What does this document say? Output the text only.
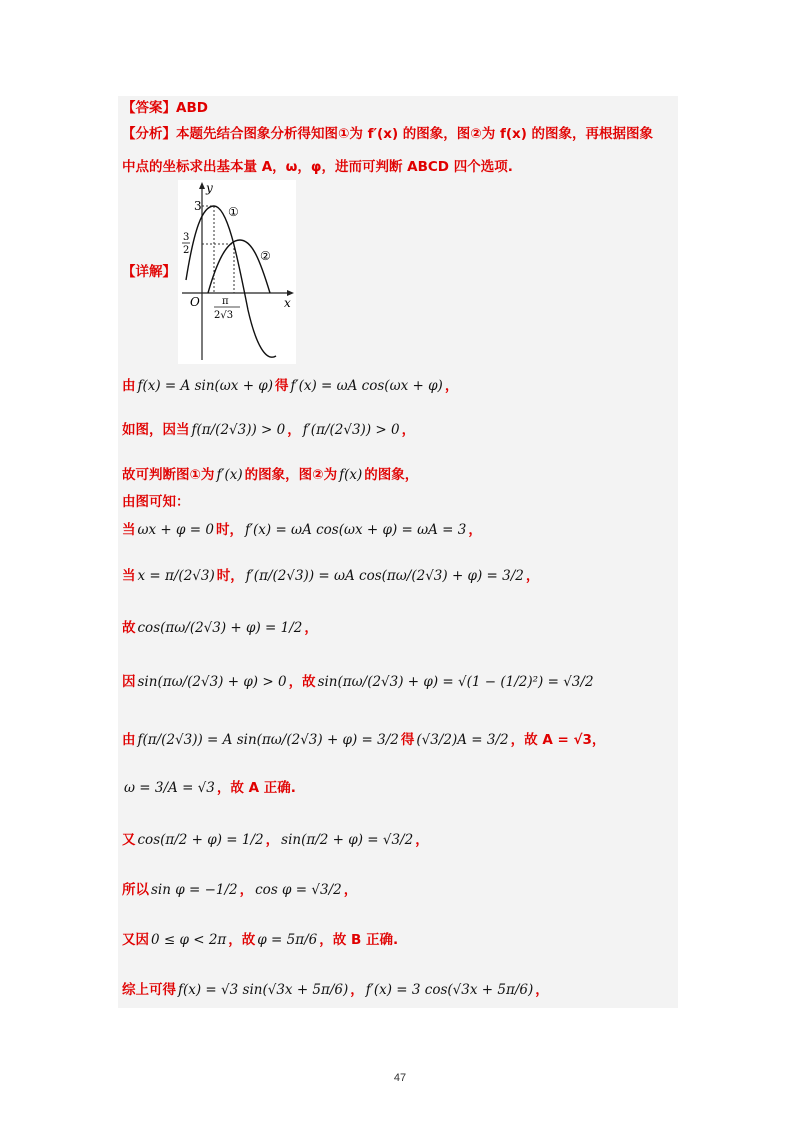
【答案】ABD
【分析】本题先结合图象分析得知图①为 f′(x) 的图象，图②为 f(x) 的图象，再根据图象
中点的坐标求出基本量 A，ω，φ，进而可判断 ABCD 四个选项.
y
x
O
3
3
2
π
2√3
①
②
【详解】
由 f(x) = A sin(ωx + φ) 得 f′(x) = ωA cos(ωx + φ) ，
如图，因当 f(π/(2√3)) > 0 ， f′(π/(2√3)) > 0 ，
故可判断图①为 f′(x) 的图象，图②为 f(x) 的图象，
由图可知：
当 ωx + φ = 0 时， f′(x) = ωA cos(ωx + φ) = ωA = 3 ，
当 x = π/(2√3) 时， f′(π/(2√3)) = ωA cos(πω/(2√3) + φ) = 3/2 ，
故 cos(πω/(2√3) + φ) = 1/2 ，
因 sin(πω/(2√3) + φ) > 0 ，故 sin(πω/(2√3) + φ) = √(1 − (1/2)²) = √3/2
由 f(π/(2√3)) = A sin(πω/(2√3) + φ) = 3/2 得 (√3/2)A = 3/2 ，故 A = √3，
ω = 3/A = √3 ，故 A 正确.
又 cos(π/2 + φ) = 1/2 ， sin(π/2 + φ) = √3/2 ，
所以 sin φ = −1/2 ， cos φ = √3/2 ，
又因 0 ≤ φ < 2π ，故 φ = 5π/6 ，故 B 正确.
综上可得 f(x) = √3 sin(√3x + 5π/6) ， f′(x) = 3 cos(√3x + 5π/6) ，
47
